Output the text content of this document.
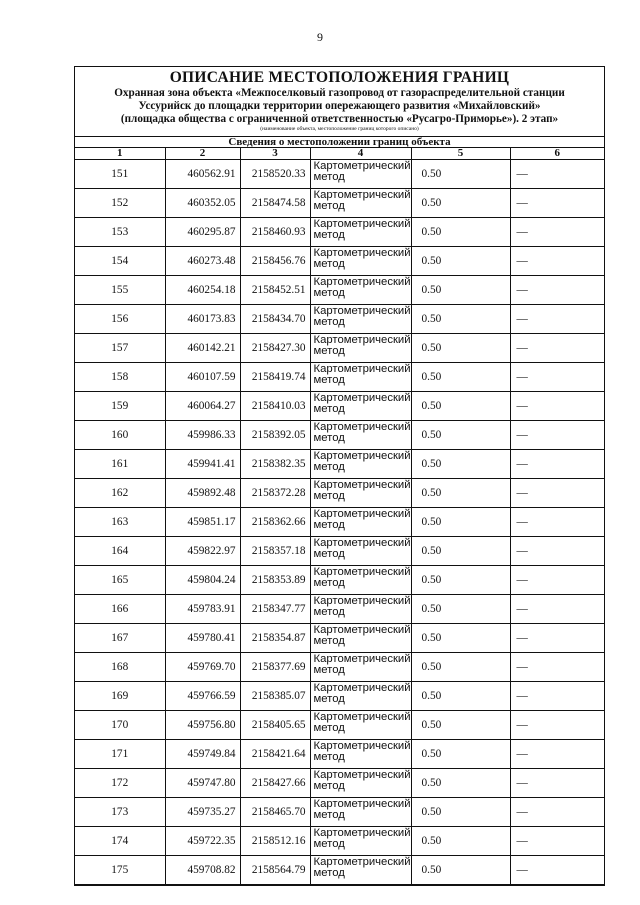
9
ОПИСАНИЕ МЕСТОПОЛОЖЕНИЯ ГРАНИЦ
Охранная зона объекта «Межпоселковый газопровод от газораспределительной станции
Уссурийск до площадки территории опережающего развития «Михайловский»
(площадка общества с ограниченной ответственностью «Русагро-Приморье»). 2 этап»
(наименование объекта, местоположение границ которого описано)
Сведения о местоположении границ объекта					
1	2	3	4	5	6
151	460562.91	2158520.33	Картометрический метод	0.50	—
152	460352.05	2158474.58	Картометрический метод	0.50	—
153	460295.87	2158460.93	Картометрический метод	0.50	—
154	460273.48	2158456.76	Картометрический метод	0.50	—
155	460254.18	2158452.51	Картометрический метод	0.50	—
156	460173.83	2158434.70	Картометрический метод	0.50	—
157	460142.21	2158427.30	Картометрический метод	0.50	—
158	460107.59	2158419.74	Картометрический метод	0.50	—
159	460064.27	2158410.03	Картометрический метод	0.50	—
160	459986.33	2158392.05	Картометрический метод	0.50	—
161	459941.41	2158382.35	Картометрический метод	0.50	—
162	459892.48	2158372.28	Картометрический метод	0.50	—
163	459851.17	2158362.66	Картометрический метод	0.50	—
164	459822.97	2158357.18	Картометрический метод	0.50	—
165	459804.24	2158353.89	Картометрический метод	0.50	—
166	459783.91	2158347.77	Картометрический метод	0.50	—
167	459780.41	2158354.87	Картометрический метод	0.50	—
168	459769.70	2158377.69	Картометрический метод	0.50	—
169	459766.59	2158385.07	Картометрический метод	0.50	—
170	459756.80	2158405.65	Картометрический метод	0.50	—
171	459749.84	2158421.64	Картометрический метод	0.50	—
172	459747.80	2158427.66	Картометрический метод	0.50	—
173	459735.27	2158465.70	Картометрический метод	0.50	—
174	459722.35	2158512.16	Картометрический метод	0.50	—
175	459708.82	2158564.79	Картометрический метод	0.50	—
